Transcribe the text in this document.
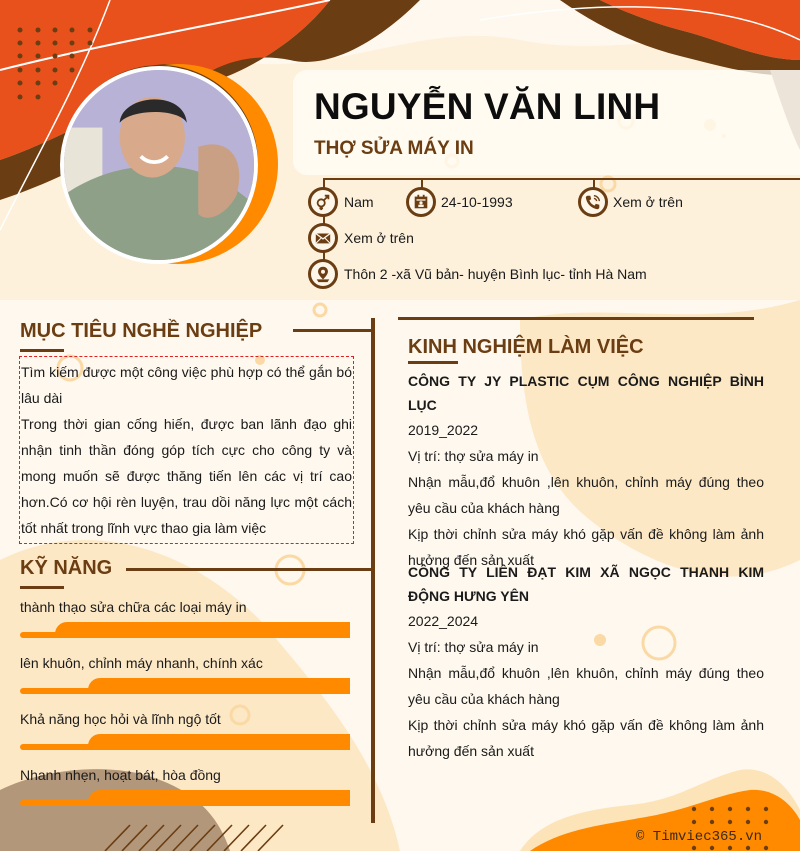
NGUYỄN VĂN LINH
THỢ SỬA MÁY IN
Nam	24-10-1993	Xem ở trên
Xem ở trên
Thôn 2 -xã Vũ bản- huyện Bình lục- tỉnh Hà Nam
MỤC TIÊU NGHỀ NGHIỆP

Tìm kiếm được một công việc phù hợp có thể gắn bó lâu dài

Trong thời gian cống hiến, được ban lãnh đạo ghi nhận tinh thần đóng góp tích cực cho công ty và mong muốn sẽ được thăng tiến lên các vị trí cao hơn.Có cơ hội rèn luyện, trau dồi năng lực một cách tốt nhất trong lĩnh vực thao gia làm việc

KỸ NĂNG
thành thạo sửa chữa các loại máy in
lên khuôn, chỉnh máy nhanh, chính xác
Khả năng học hỏi và lĩnh ngộ tốt
Nhanh nhẹn, hoạt bát, hòa đồng
KINH NGHIỆM LÀM VIỆC

CÔNG TY JY PLASTIC CỤM CÔNG NGHIỆP BÌNH LỤC

2019_2022

Vị trí: thợ sửa máy in

Nhận mẫu,đổ khuôn ,lên khuôn, chỉnh máy đúng theo yêu cầu của khách hàng

Kịp thời chỉnh sửa máy khó gặp vấn đề không làm ảnh hưởng đến sản xuất

CÔNG TY LIÊN ĐẠT KIM XÃ NGỌC THANH KIM ĐỘNG HƯNG YÊN

2022_2024

Vị trí: thợ sửa máy in

Nhận mẫu,đổ khuôn ,lên khuôn, chỉnh máy đúng theo yêu cầu của khách hàng

Kịp thời chỉnh sửa máy khó gặp vấn đề không làm ảnh hưởng đến sản xuất

© Timviec365.vn
